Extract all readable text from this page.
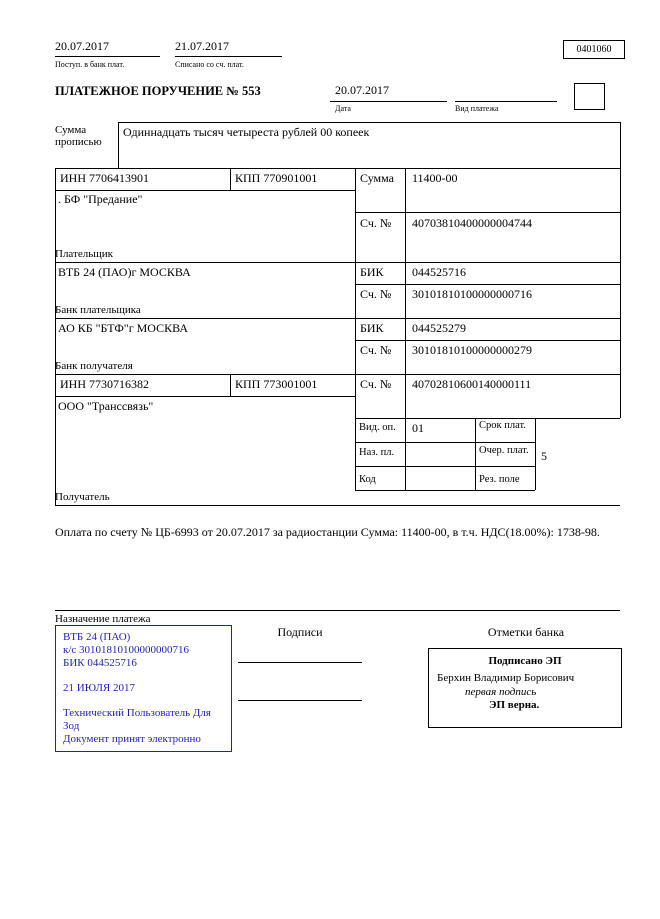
20.07.2017	21.07.2017
Поступ. в банк плат.	Списано со сч. плат.
0401060
ПЛАТЕЖНОЕ ПОРУЧЕНИЕ № 553	20.07.2017
Дата	Вид платежа
Сумма прописью
Одиннадцать тысяч четыреста рублей 00 копеек
ИНН 7706413901	КПП 770901001	Сумма 11400-00
. БФ "Предание"
Сч. № 40703810400000004744
Плательщик
ВТБ 24 (ПАО)г МОСКВА	БИК 044525716
Сч. № 30101810100000000716
Банк плательщика
АО КБ "БТФ"г МОСКВА	БИК 044525279
Сч. № 30101810100000000279
Банк получателя
ИНН 7730716382	КПП 773001001	Сч. № 40702810600140000111
ООО "Транссвязь"
Вид. оп. 01	Срок плат.
Наз. пл.	Очер. плат. 5
Код	Рез. поле
Получатель
Оплата по счету № ЦБ-6993 от 20.07.2017 за радиостанции Сумма: 11400-00, в т.ч. НДС(18.00%): 1738-98.
Назначение платежа
Подписи	Отметки банка
ВТБ 24 (ПАО)
к/с 30101810100000000716
БИК 044525716
21 ИЮЛЯ 2017
Технический Пользователь Для Зод
Документ принят электронно
Подписано ЭП
Берхин Владимир Борисович
первая подпись
ЭП верна.
